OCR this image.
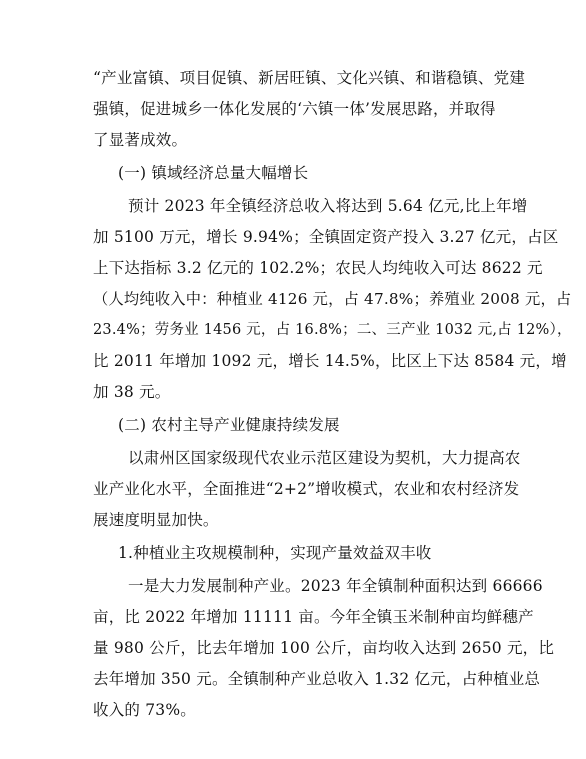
“产业富镇、项目促镇、新居旺镇、文化兴镇、和谐稳镇、党建
强镇，促进城乡一体化发展的‘六镇一体’发展思路，并取得
了显著成效。
(一) 镇域经济总量大幅增长
预计 2023 年全镇经济总收入将达到 5.64 亿元,比上年增
加 5100 万元，增长 9.94%；全镇固定资产投入 3.27 亿元，占区
上下达指标 3.2 亿元的 102.2%；农民人均纯收入可达 8622 元
（人均纯收入中：种植业 4126 元，占 47.8%；养殖业 2008 元，占
23.4%；劳务业 1456 元，占 16.8%；二、三产业 1032 元,占 12%），
比 2011 年增加 1092 元，增长 14.5%，比区上下达 8584 元，增
加 38 元。
(二) 农村主导产业健康持续发展
以肃州区国家级现代农业示范区建设为契机，大力提高农
业产业化水平，全面推进“2+2”增收模式，农业和农村经济发
展速度明显加快。
1.种植业主攻规模制种，实现产量效益双丰收
一是大力发展制种产业。2023 年全镇制种面积达到 66666
亩，比 2022 年增加 11111 亩。今年全镇玉米制种亩均鲜穗产
量 980 公斤，比去年增加 100 公斤，亩均收入达到 2650 元，比
去年增加 350 元。全镇制种产业总收入 1.32 亿元，占种植业总
收入的 73%。
